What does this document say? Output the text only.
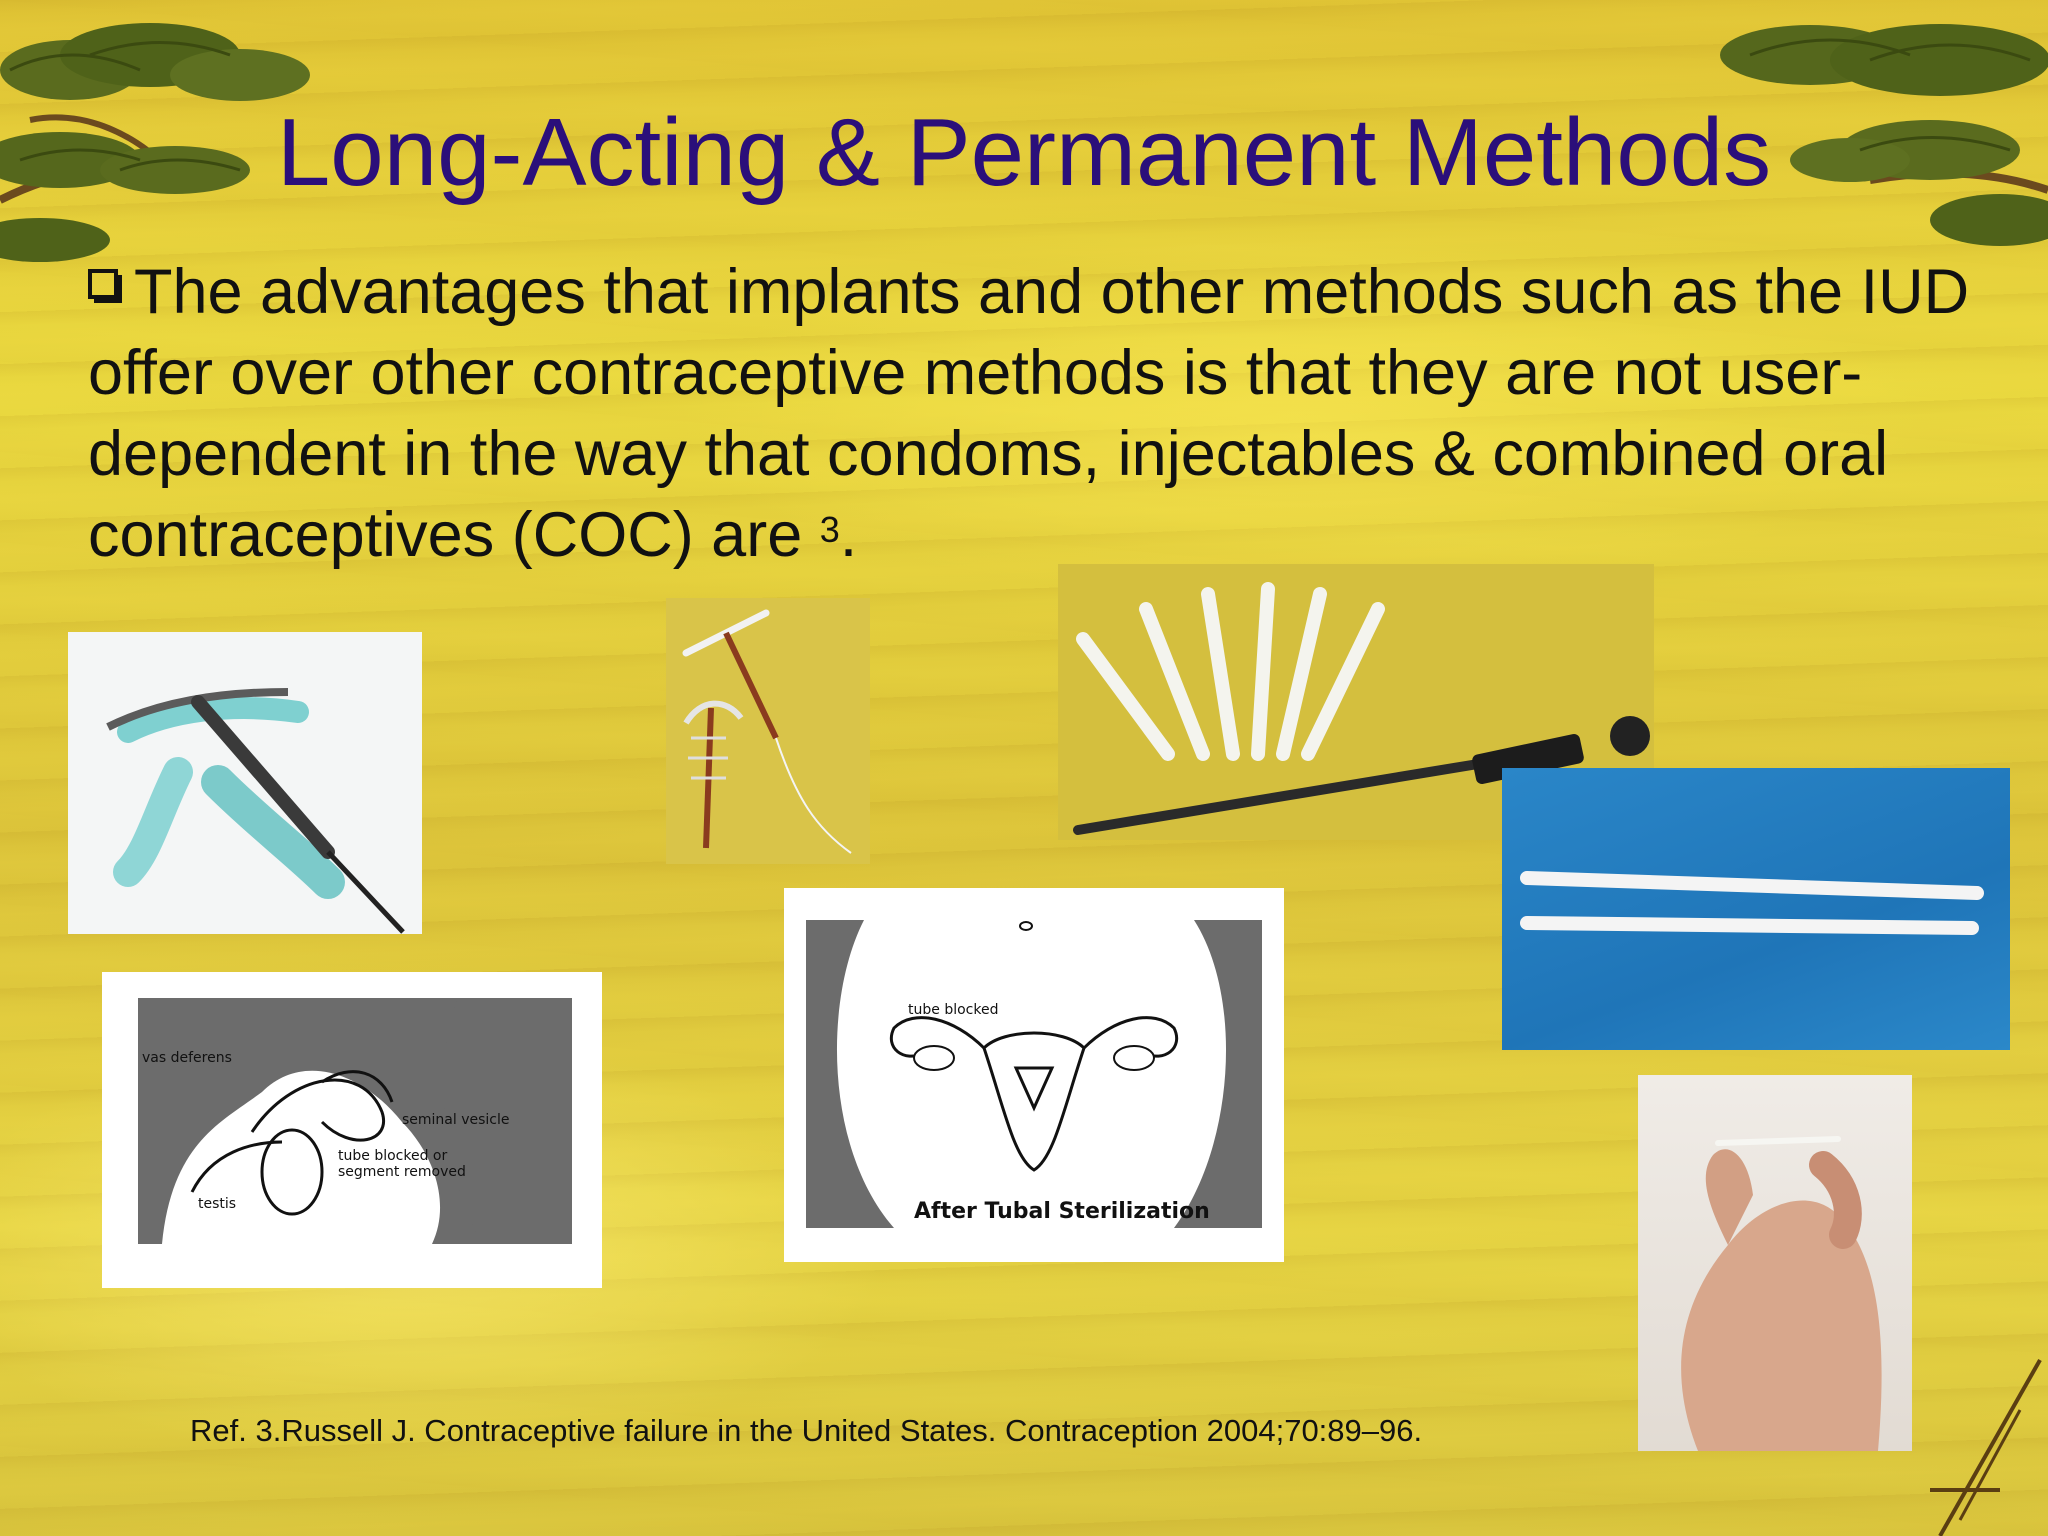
Long-Acting & Permanent Methods
The advantages that implants and other methods such as the IUD offer over other contraceptive methods is that they are not user-dependent in the way that condoms, injectables & combined oral contraceptives (COC) are $^3$.
vas deferens
seminal vesicle
tube blocked or
segment removed
testis
tube blocked
After Tubal Sterilization
Ref. 3.Russell J. Contraceptive failure in the United States. Contraception 2004;70:89–96.
